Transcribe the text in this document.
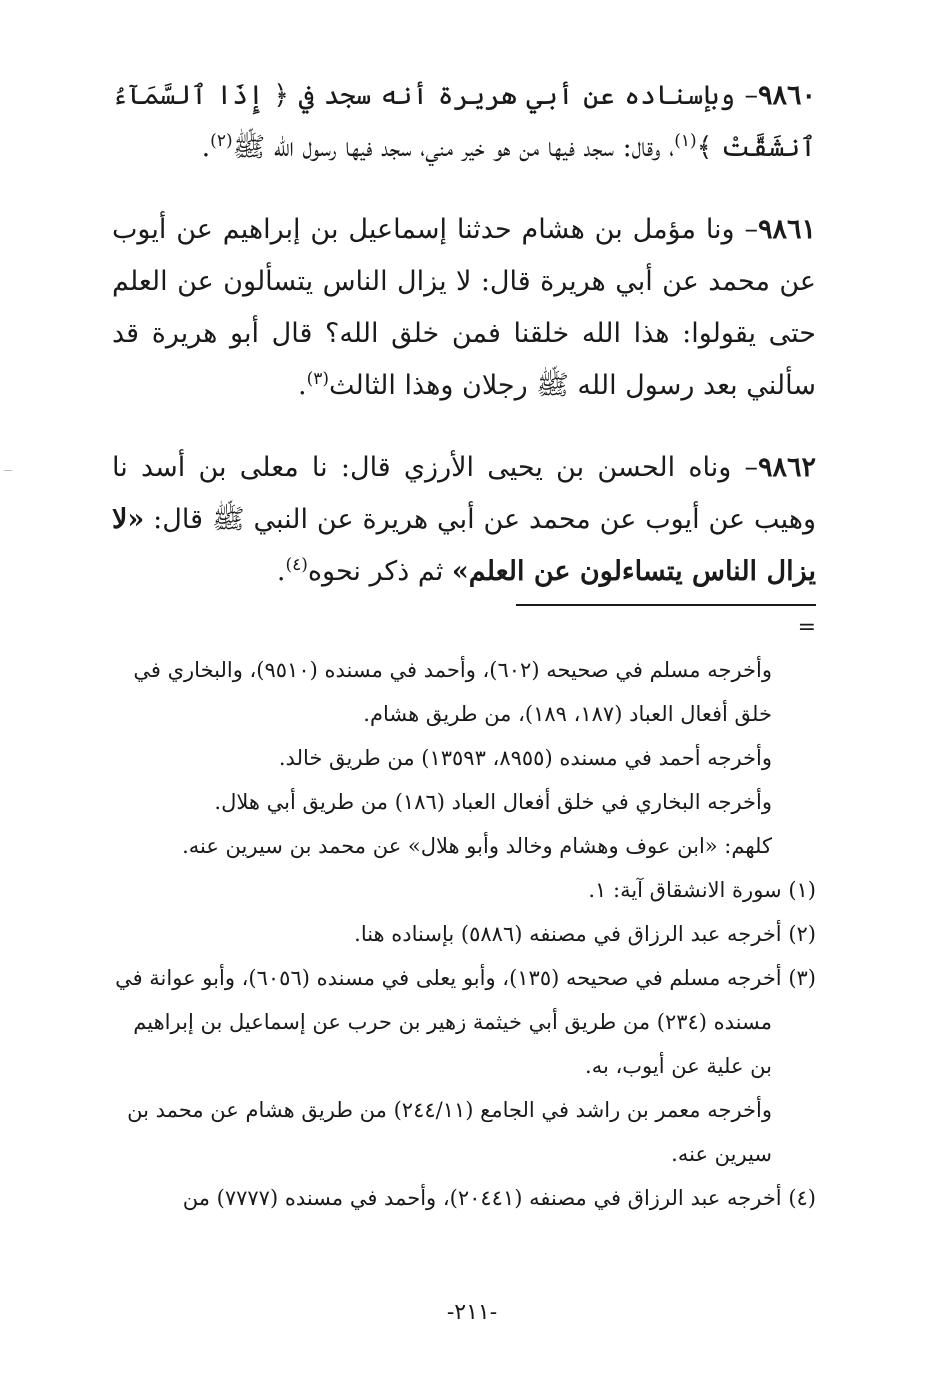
٩٨٦٠– وبإسناده عن أبي هريرة أنه سجد في ﴿ إِذَا ٱلسَّمَآءُ ٱنشَقَّتْ ﴾$^{(١)}$، وقال: سجد فيها من هو خير مني، سجد فيها رسول الله ﷺ$^{(٢)}$.

٩٨٦١– ونا مؤمل بن هشام حدثنا إسماعيل بن إبراهيم عن أيوب عن محمد عن أبي هريرة قال: لا يزال الناس يتسألون عن العلم حتى يقولوا: هذا الله خلقنا فمن خلق الله؟ قال أبو هريرة قد سألني بعد رسول الله ﷺ رجلان وهذا الثالث$^{(٣)}$.

٩٨٦٢– وناه الحسن بن يحيى الأرزي قال: نا معلى بن أسد نا وهيب عن أيوب عن محمد عن أبي هريرة عن النبي ﷺ قال: «لا يزال الناس يتساءلون عن العلم» ثم ذكر نحوه$^{(٤)}$.

=

وأخرجه مسلم في صحيحه (٦٠٢)، وأحمد في مسنده (٩٥١٠)، والبخاري في خلق أفعال العباد (١٨٧، ١٨٩)، من طريق هشام.

وأخرجه أحمد في مسنده (٨٩٥٥، ١٣٥٩٣) من طريق خالد.

وأخرجه البخاري في خلق أفعال العباد (١٨٦) من طريق أبي هلال.

كلهم: «ابن عوف وهشام وخالد وأبو هلال» عن محمد بن سيرين عنه.

(١) سورة الانشقاق آية: ١.

(٢) أخرجه عبد الرزاق في مصنفه (٥٨٨٦) بإسناده هنا.

(٣) أخرجه مسلم في صحيحه (١٣٥)، وأبو يعلى في مسنده (٦٠٥٦)، وأبو عوانة في مسنده (٢٣٤) من طريق أبي خيثمة زهير بن حرب عن إسماعيل بن إبراهيم بن علية عن أيوب، به.

وأخرجه معمر بن راشد في الجامع (٢٤٤/١١) من طريق هشام عن محمد بن سيرين عنه.

(٤) أخرجه عبد الرزاق في مصنفه (٢٠٤٤١)، وأحمد في مسنده (٧٧٧٧) من

-٢١١-
